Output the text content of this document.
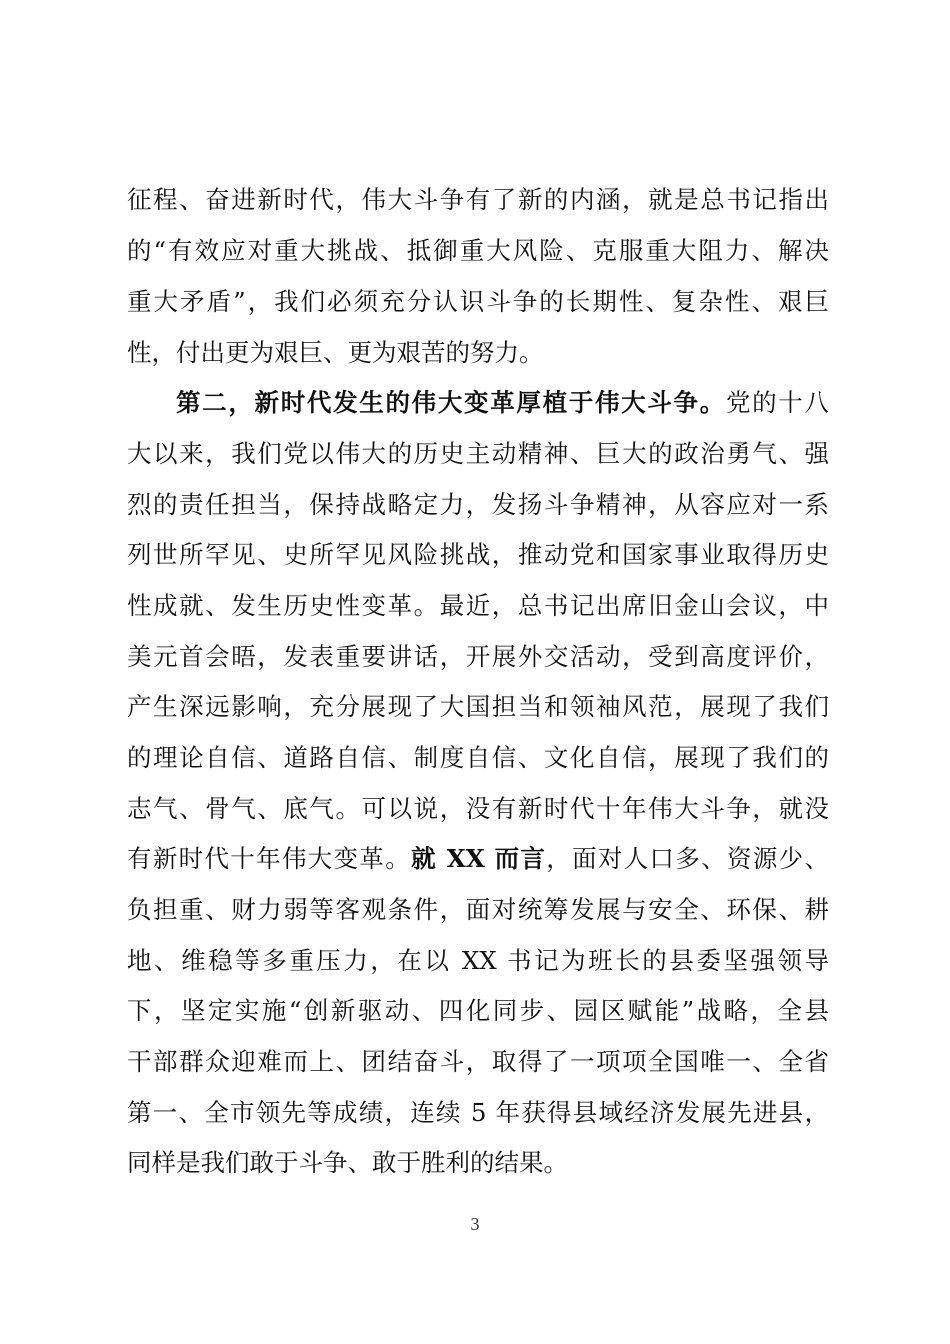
征程、奋进新时代，伟大斗争有了新的内涵，就是总书记指出
的“有效应对重大挑战、抵御重大风险、克服重大阻力、解决
重大矛盾”，我们必须充分认识斗争的长期性、复杂性、艰巨
性，付出更为艰巨、更为艰苦的努力。
第二，新时代发生的伟大变革厚植于伟大斗争。党的十八
大以来，我们党以伟大的历史主动精神、巨大的政治勇气、强
烈的责任担当，保持战略定力，发扬斗争精神，从容应对一系
列世所罕见、史所罕见风险挑战，推动党和国家事业取得历史
性成就、发生历史性变革。最近，总书记出席旧金山会议，中
美元首会晤，发表重要讲话，开展外交活动，受到高度评价，
产生深远影响，充分展现了大国担当和领袖风范，展现了我们
的理论自信、道路自信、制度自信、文化自信，展现了我们的
志气、骨气、底气。可以说，没有新时代十年伟大斗争，就没
有新时代十年伟大变革。就 XX 而言，面对人口多、资源少、
负担重、财力弱等客观条件，面对统筹发展与安全、环保、耕
地、维稳等多重压力，在以 XX 书记为班长的县委坚强领导
下，坚定实施“创新驱动、四化同步、园区赋能”战略，全县
干部群众迎难而上、团结奋斗，取得了一项项全国唯一、全省
第一、全市领先等成绩，连续 5 年获得县域经济发展先进县，
同样是我们敢于斗争、敢于胜利的结果。
3
